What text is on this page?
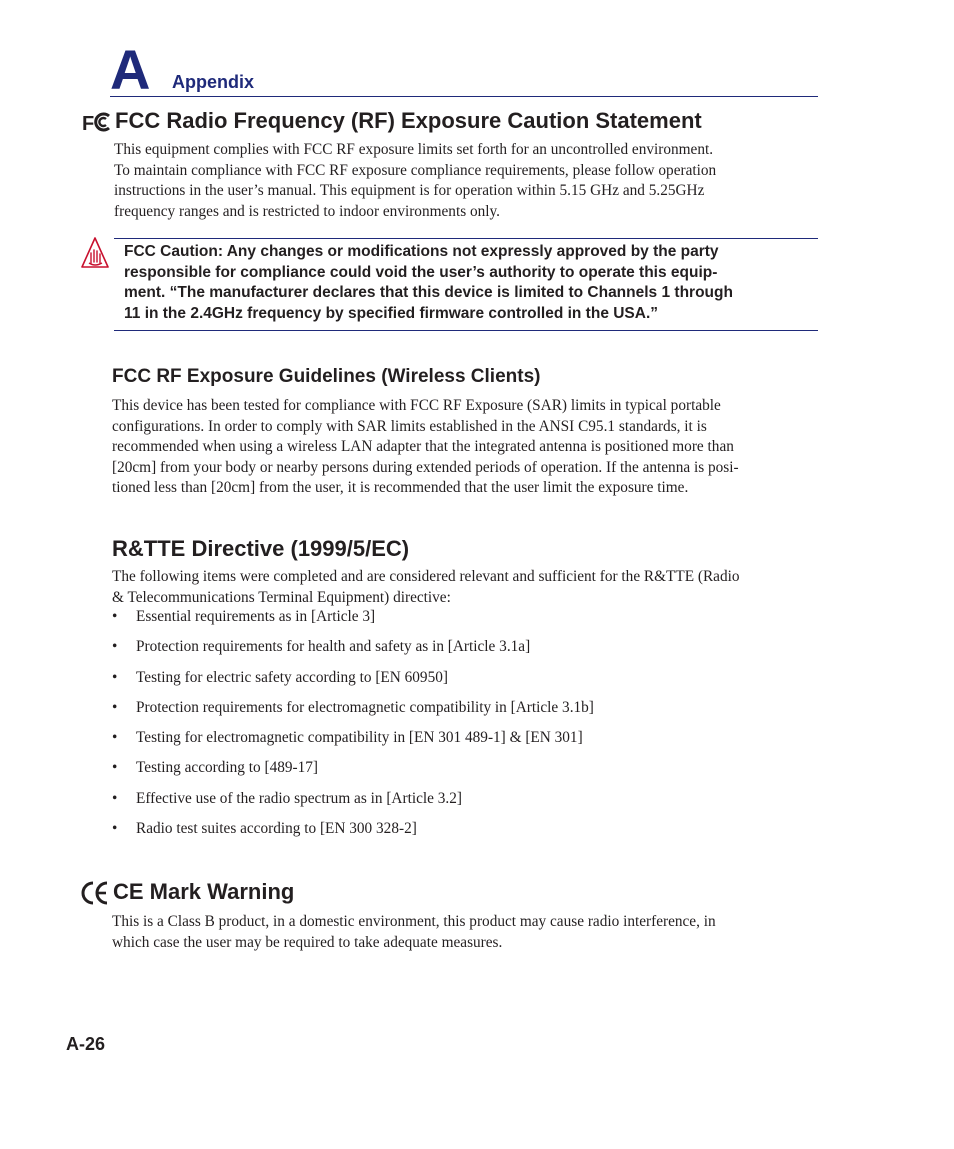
A Appendix
F FCC Radio Frequency (RF) Exposure Caution Statement
This equipment complies with FCC RF exposure limits set forth for an uncontrolled environment.
To maintain compliance with FCC RF exposure compliance requirements, please follow operation
instructions in the user’s manual. This equipment is for operation within 5.15 GHz and 5.25GHz
frequency ranges and is restricted to indoor environments only.
FCC Caution: Any changes or modifications not expressly approved by the party
responsible for compliance could void the user’s authority to operate this equip-
ment. “The manufacturer declares that this device is limited to Channels 1 through
11 in the 2.4GHz frequency by specified firmware controlled in the USA.”
FCC RF Exposure Guidelines (Wireless Clients)
This device has been tested for compliance with FCC RF Exposure (SAR) limits in typical portable
configurations. In order to comply with SAR limits established in the ANSI C95.1 standards, it is
recommended when using a wireless LAN adapter that the integrated antenna is positioned more than
[20cm] from your body or nearby persons during extended periods of operation. If the antenna is posi-
tioned less than [20cm] from the user, it is recommended that the user limit the exposure time.
R&TTE Directive (1999/5/EC)
The following items were completed and are considered relevant and sufficient for the R&TTE (Radio
& Telecommunications Terminal Equipment) directive:
• Essential requirements as in [Article 3]
• Protection requirements for health and safety as in [Article 3.1a]
• Testing for electric safety according to [EN 60950]
• Protection requirements for electromagnetic compatibility in [Article 3.1b]
• Testing for electromagnetic compatibility in [EN 301 489-1] & [EN 301]
• Testing according to [489-17]
• Effective use of the radio spectrum as in [Article 3.2]
• Radio test suites according to [EN 300 328-2]
CE Mark Warning
This is a Class B product, in a domestic environment, this product may cause radio interference, in
which case the user may be required to take adequate measures.
A-26
